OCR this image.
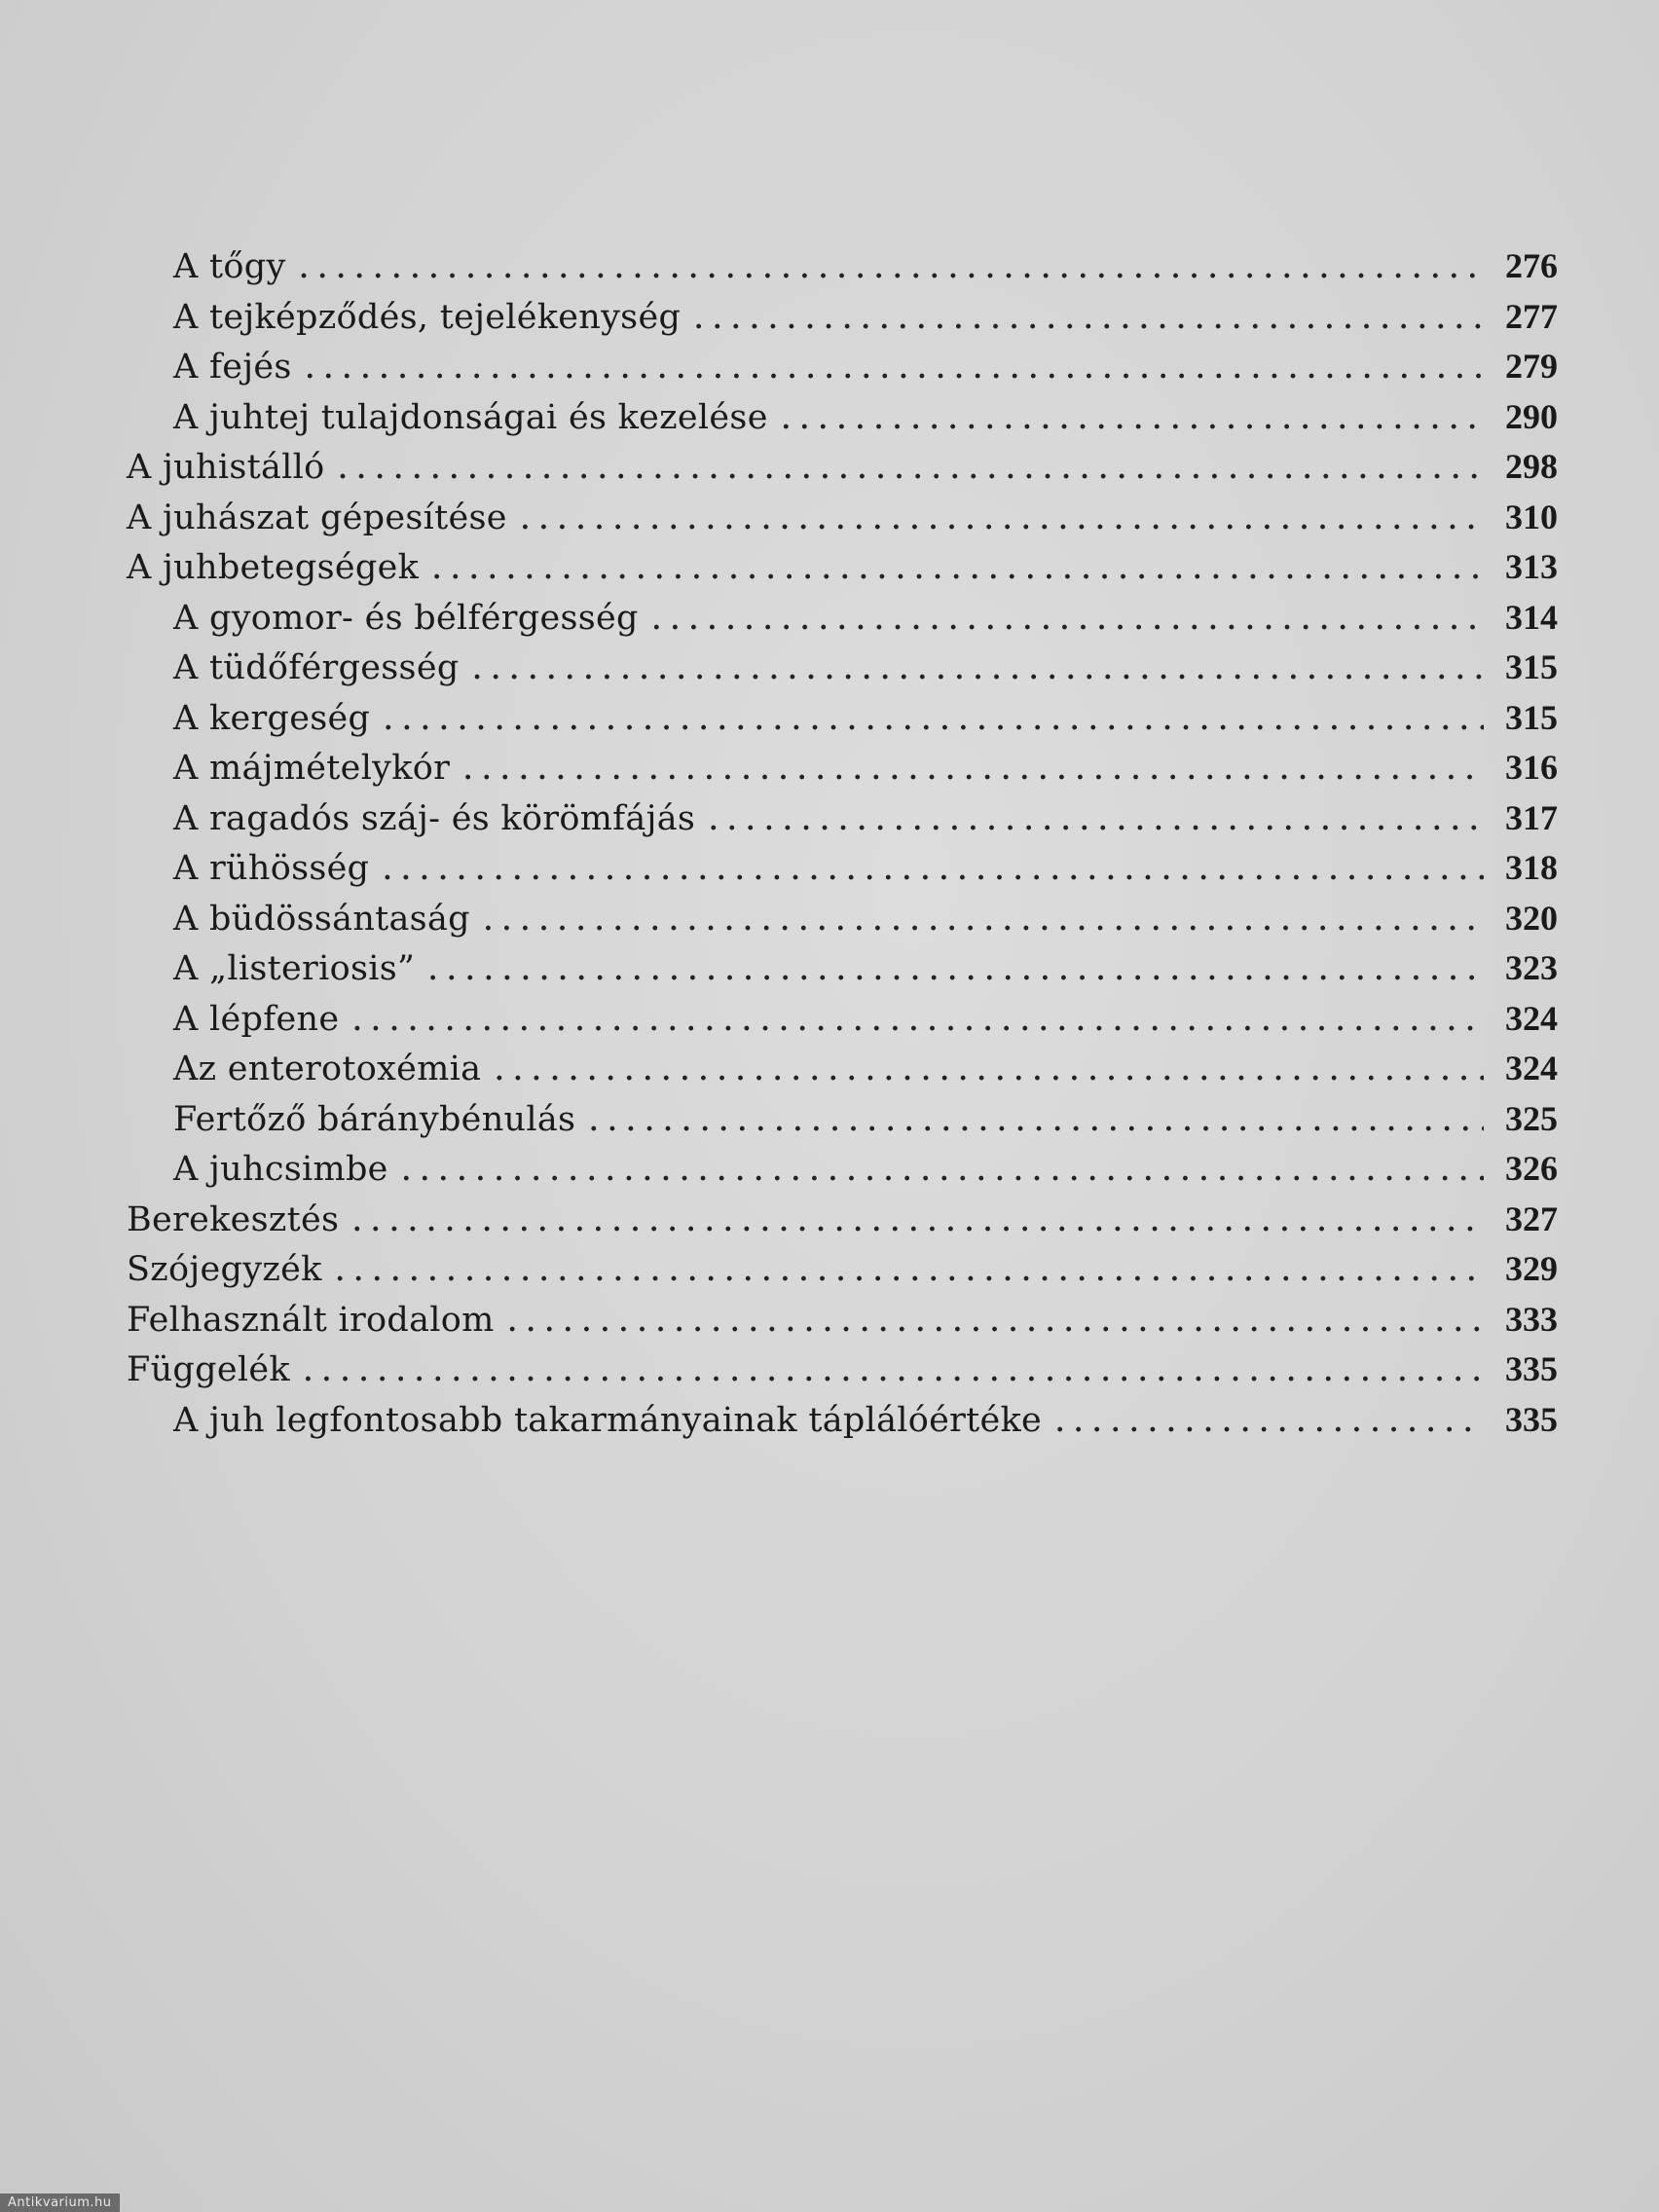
A tőgy .....	276
A tejképződés, tejelékenység .....	277
A fejés .....	279
A juhtej tulajdonságai és kezelése .....	290
A juhistálló .....	298
A juhászat gépesítése .....	310
A juhbetegségek .....	313
A gyomor- és bélférgesség .....	314
A tüdőférgesség .....	315
A kergeség .....	315
A májmételykór .....	316
A ragadós száj- és körömfájás .....	317
A rühösség .....	318
A büdössántaság .....	320
A „listeriosis” .....	323
A lépfene .....	324
Az enterotoxémia .....	324
Fertőző báránybénulás .....	325
A juhcsimbe .....	326
Berekesztés .....	327
Szójegyzék .....	329
Felhasznált irodalom .....	333
Függelék .....	335
A juh legfontosabb takarmányainak táplálóértéke .....	335
Antikvarium.hu
